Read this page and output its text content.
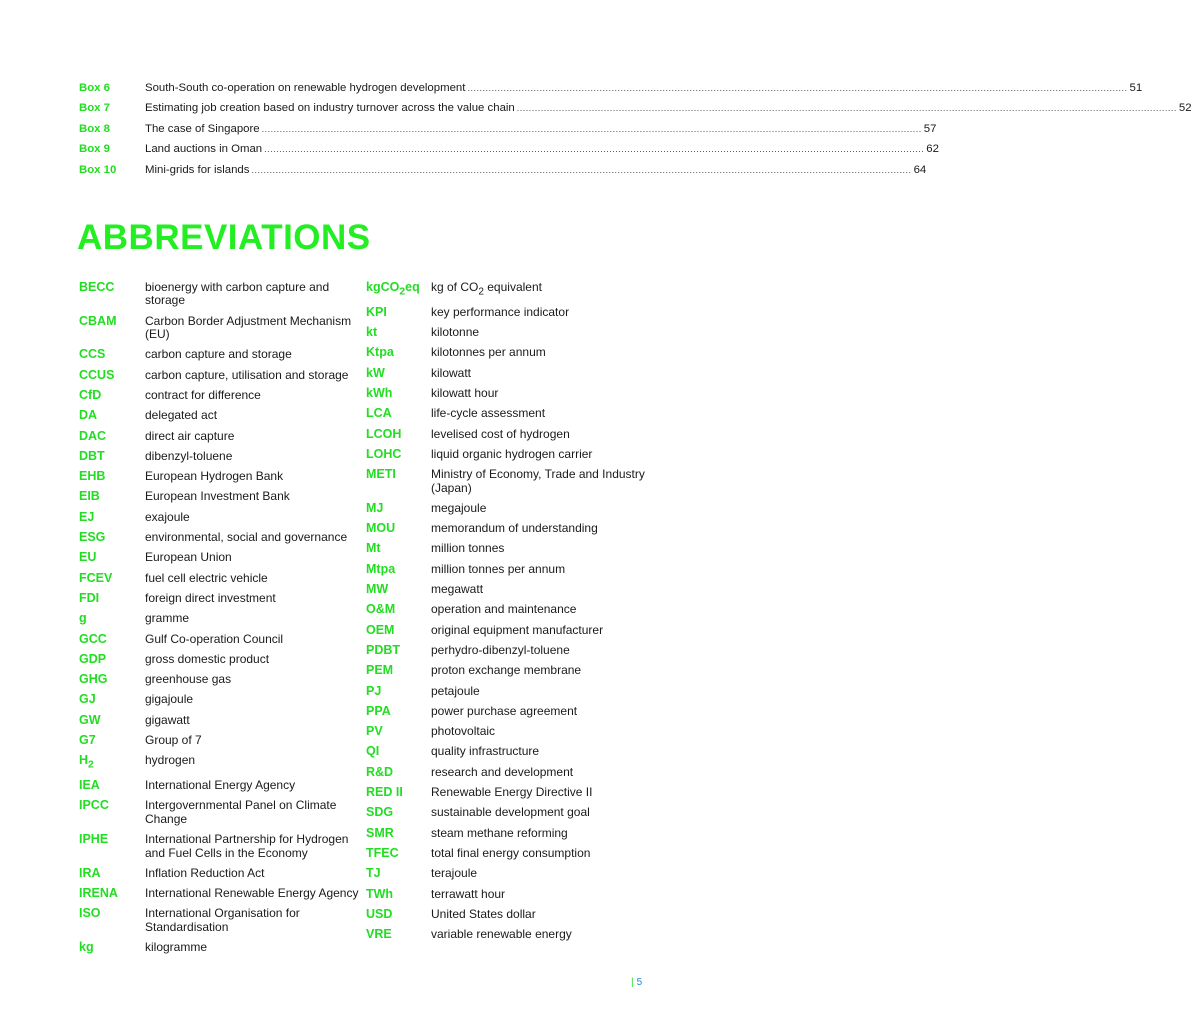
Box 6	South-South co-operation on renewable hydrogen development ............................................................................................................................................................................................................................ 51
Box 7	Estimating job creation based on industry turnover across the value chain ............................................................................................................................................................................................................................ 52
Box 8	The case of Singapore ............................................................................................................................................................................................................................ 57
Box 9	Land auctions in Oman ............................................................................................................................................................................................................................ 62
Box 10	Mini-grids for islands ............................................................................................................................................................................................................................ 64
ABBREVIATIONS
BECC	bioenergy with carbon capture and storage
CBAM	Carbon Border Adjustment Mechanism (EU)
CCS	carbon capture and storage
CCUS	carbon capture, utilisation and storage
CfD	contract for difference
DA	delegated act
DAC	direct air capture
DBT	dibenzyl-toluene
EHB	European Hydrogen Bank
EIB	European Investment Bank
EJ	exajoule
ESG	environmental, social and governance
EU	European Union
FCEV	fuel cell electric vehicle
FDI	foreign direct investment
g	gramme
GCC	Gulf Co-operation Council
GDP	gross domestic product
GHG	greenhouse gas
GJ	gigajoule
GW	gigawatt
G7	Group of 7
$H_2$	hydrogen
IEA	International Energy Agency
IPCC	Intergovernmental Panel on Climate Change
IPHE	International Partnership for Hydrogen and Fuel Cells in the Economy
IRA	Inflation Reduction Act
IRENA	International Renewable Energy Agency
ISO	International Organisation for Standardisation
kg	kilogramme
kgCO$_2$eq kg of $CO_2$ equivalent
KPI	key performance indicator
kt	kilotonne
Ktpa	kilotonnes per annum
kW	kilowatt
kWh	kilowatt hour
LCA	life-cycle assessment
LCOH	levelised cost of hydrogen
LOHC	liquid organic hydrogen carrier
METI	Ministry of Economy, Trade and Industry (Japan)
MJ	megajoule
MOU	memorandum of understanding
Mt	million tonnes
Mtpa	million tonnes per annum
MW	megawatt
O&M	operation and maintenance
OEM	original equipment manufacturer
PDBT	perhydro-dibenzyl-toluene
PEM	proton exchange membrane
PJ	petajoule
PPA	power purchase agreement
PV	photovoltaic
QI	quality infrastructure
R&D	research and development
RED II	Renewable Energy Directive II
SDG	sustainable development goal
SMR	steam methane reforming
TFEC	total final energy consumption
TJ	terajoule
TWh	terrawatt hour
USD	United States dollar
VRE	variable renewable energy
| 5
